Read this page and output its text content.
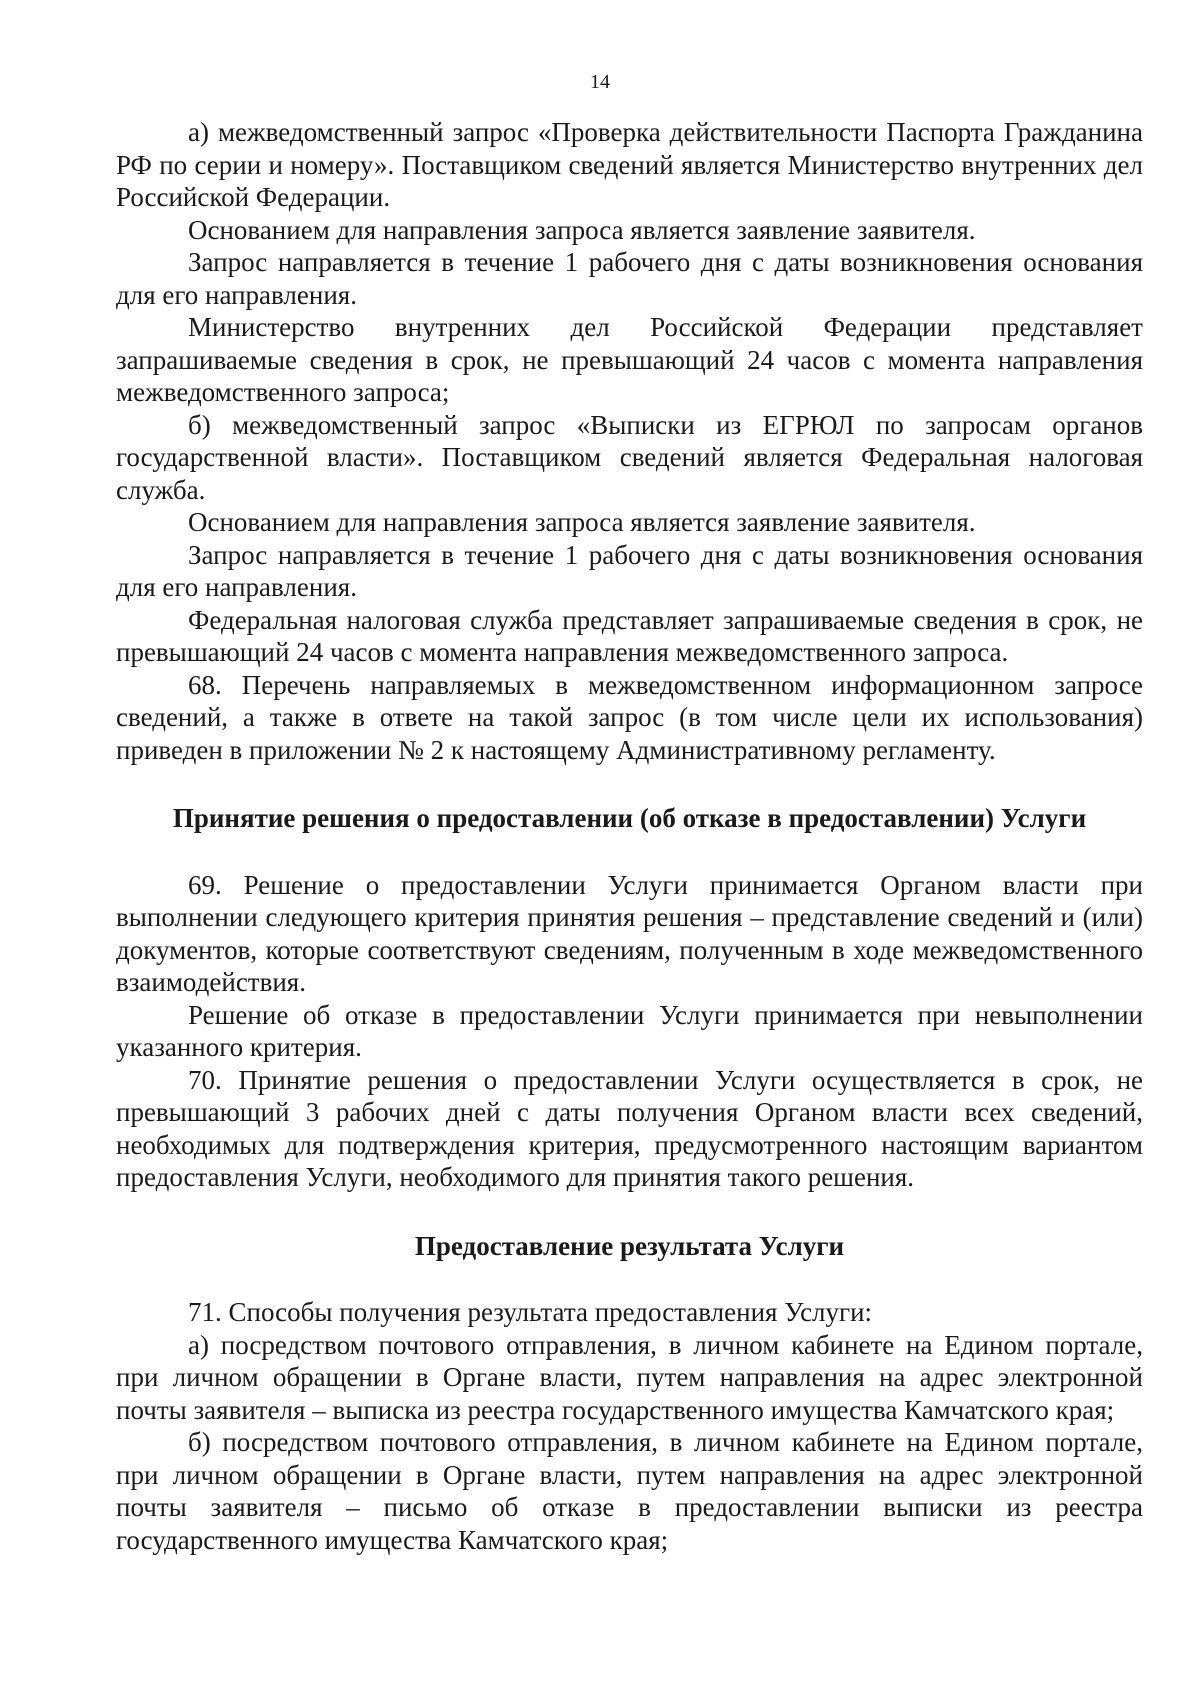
14

а) межведомственный запрос «Проверка действительности Паспорта Гражданина РФ по серии и номеру». Поставщиком сведений является Министерство внутренних дел Российской Федерации.

Основанием для направления запроса является заявление заявителя.

Запрос направляется в течение 1 рабочего дня с даты возникновения основания для его направления.

Министерство внутренних дел Российской Федерации представляет запрашиваемые сведения в срок, не превышающий 24 часов с момента направления межведомственного запроса;

б) межведомственный запрос «Выписки из ЕГРЮЛ по запросам органов государственной власти». Поставщиком сведений является Федеральная налоговая служба.

Основанием для направления запроса является заявление заявителя.

Запрос направляется в течение 1 рабочего дня с даты возникновения основания для его направления.

Федеральная налоговая служба представляет запрашиваемые сведения в срок, не превышающий 24 часов с момента направления межведомственного запроса.

68. Перечень направляемых в межведомственном информационном запросе сведений, а также в ответе на такой запрос (в том числе цели их использования) приведен в приложении № 2 к настоящему Административному регламенту.

Принятие решения о предоставлении (об отказе в предоставлении) Услуги

69. Решение о предоставлении Услуги принимается Органом власти при выполнении следующего критерия принятия решения – представление сведений и (или) документов, которые соответствуют сведениям, полученным в ходе межведомственного взаимодействия.

Решение об отказе в предоставлении Услуги принимается при невыполнении указанного критерия.

70. Принятие решения о предоставлении Услуги осуществляется в срок, не превышающий 3 рабочих дней с даты получения Органом власти всех сведений, необходимых для подтверждения критерия, предусмотренного настоящим вариантом предоставления Услуги, необходимого для принятия такого решения.

Предоставление результата Услуги

71. Способы получения результата предоставления Услуги:

а) посредством почтового отправления, в личном кабинете на Едином портале, при личном обращении в Органе власти, путем направления на адрес электронной почты заявителя – выписка из реестра государственного имущества Камчатского края;

б) посредством почтового отправления, в личном кабинете на Едином портале, при личном обращении в Органе власти, путем направления на адрес электронной почты заявителя – письмо об отказе в предоставлении выписки из реестра государственного имущества Камчатского края;
